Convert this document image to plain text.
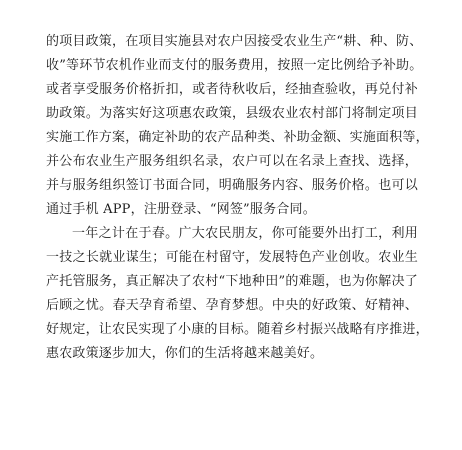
的项目政策，在项目实施县对农户因接受农业生产“耕、种、防、
收”等环节农机作业而支付的服务费用，按照一定比例给予补助。
或者享受服务价格折扣，或者待秋收后，经抽查验收，再兑付补
助政策。为落实好这项惠农政策，县级农业农村部门将制定项目
实施工作方案，确定补助的农产品种类、补助金额、实施面积等，
并公布农业生产服务组织名录，农户可以在名录上查找、选择，
并与服务组织签订书面合同，明确服务内容、服务价格。也可以
通过手机 APP，注册登录、“网签”服务合同。
一年之计在于春。广大农民朋友，你可能要外出打工，利用
一技之长就业谋生；可能在村留守，发展特色产业创收。农业生
产托管服务，真正解决了农村“下地种田”的难题，也为你解决了
后顾之忧。春天孕育希望、孕育梦想。中央的好政策、好精神、
好规定，让农民实现了小康的目标。随着乡村振兴战略有序推进，
惠农政策逐步加大，你们的生活将越来越美好。
